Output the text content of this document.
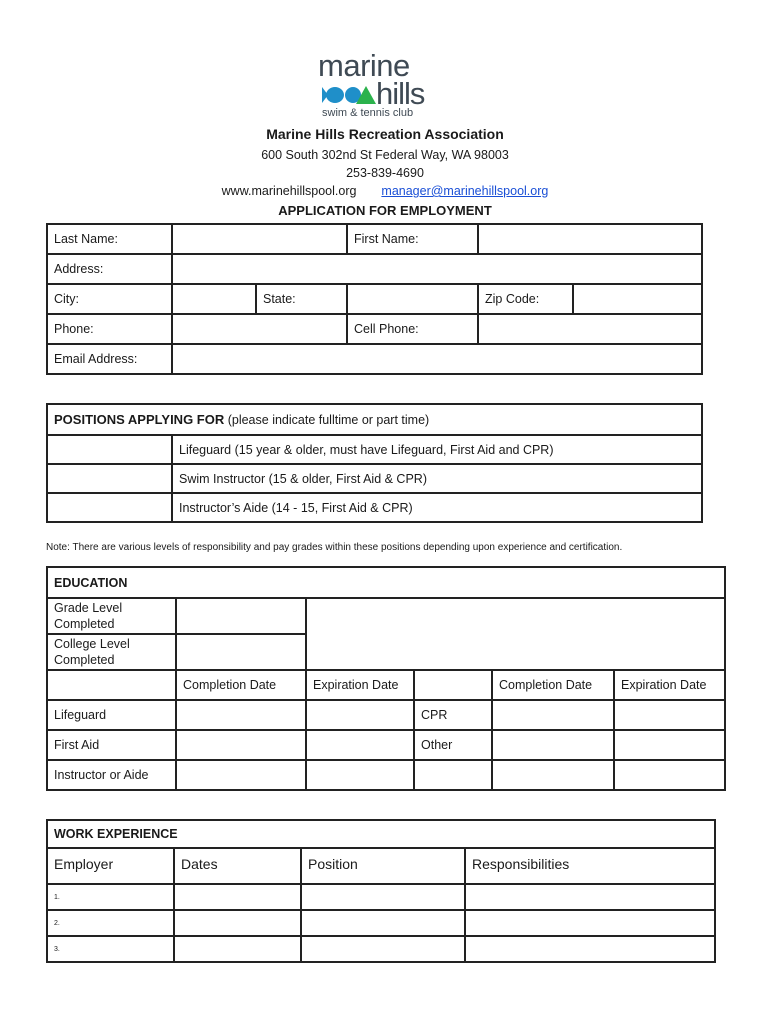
marine
hills
swim & tennis club
Marine Hills Recreation Association
600 South 302nd St Federal Way, WA 98003
253-839-4690
www.marinehillspool.org manager@marinehillspool.org
APPLICATION FOR EMPLOYMENT
Last Name:			First Name:		
Address:					
City:		State:		Zip Code:	
Phone:			Cell Phone:		
Email Address:					
POSITIONS APPLYING FOR (please indicate fulltime or part time)	
	Lifeguard (15 year & older, must have Lifeguard, First Aid and CPR)
	Swim Instructor (15 & older, First Aid & CPR)
	Instructor’s Aide (14 - 15, First Aid & CPR)
Note: There are various levels of responsibility and pay grades within these positions depending upon experience and certification.
EDUCATION					
Grade Level Completed					
College Level Completed					
	Completion Date	Expiration Date		Completion Date	Expiration Date
Lifeguard			CPR		
First Aid			Other		
Instructor or Aide					
WORK EXPERIENCE			
Employer	Dates	Position	Responsibilities
1.			
2.			
3.			
